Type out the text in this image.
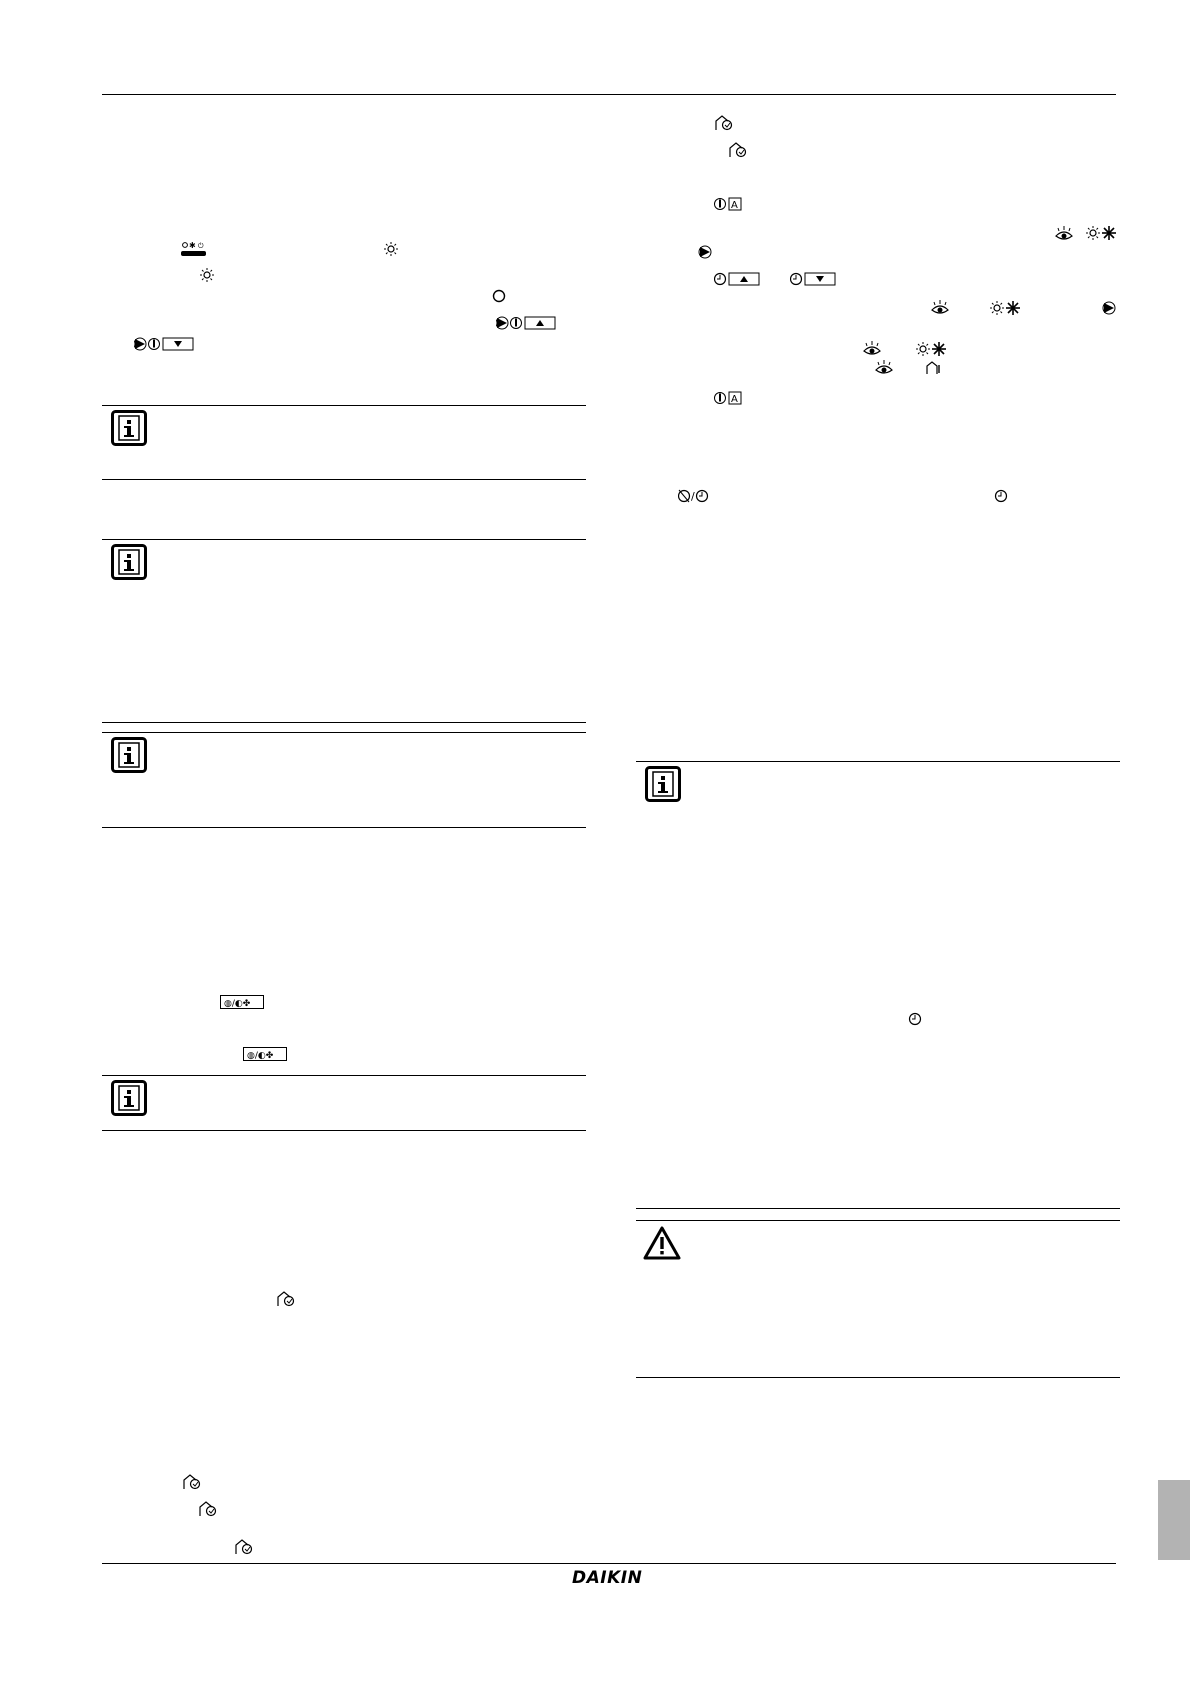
✱ ⏻
◍/◐✤
◍/◐✤
A
A
/
DAIKIN
